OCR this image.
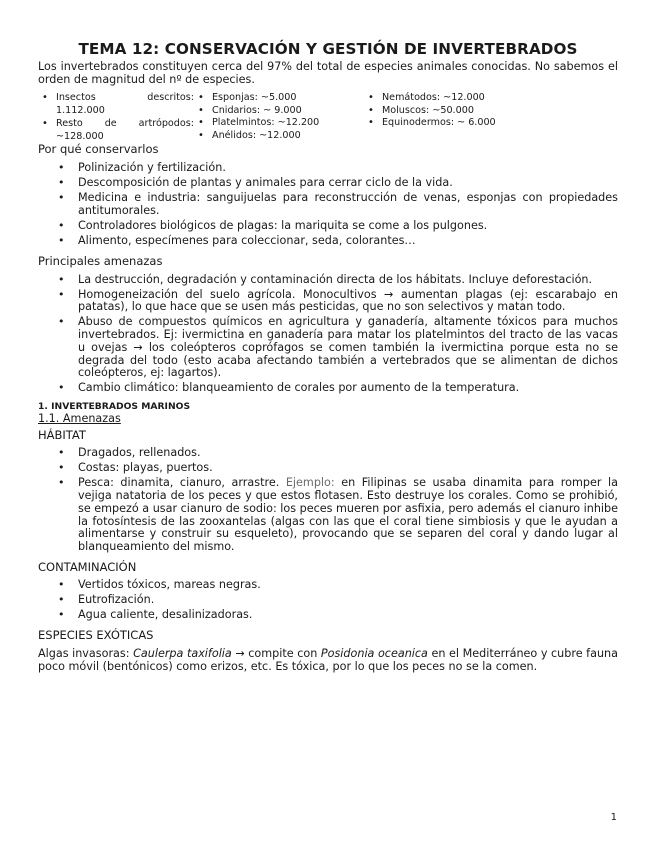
TEMA 12: CONSERVACIÓN Y GESTIÓN DE INVERTEBRADOS

Los invertebrados constituyen cerca del 97% del total de especies animales conocidas. No sabemos el orden de magnitud del nº de especies.

• Insectos descritos: 1.112.000
• Resto de artrópodos: ~128.000
• Esponjas: ~5.000
• Cnidarios: ~ 9.000
• Platelmintos: ~12.200
• Anélidos: ~12.000
• Nemátodos: ~12.000
• Moluscos: ~50.000
• Equinodermos: ~ 6.000
Por qué conservarlos
• Polinización y fertilización.
• Descomposición de plantas y animales para cerrar ciclo de la vida.
• Medicina e industria: sanguijuelas para reconstrucción de venas, esponjas con propiedades antitumorales.
• Controladores biológicos de plagas: la mariquita se come a los pulgones.
• Alimento, especímenes para coleccionar, seda, colorantes…
Principales amenazas
• La destrucción, degradación y contaminación directa de los hábitats. Incluye deforestación.
• Homogeneización del suelo agrícola. Monocultivos → aumentan plagas (ej: escarabajo en patatas), lo que hace que se usen más pesticidas, que no son selectivos y matan todo.
• Abuso de compuestos químicos en agricultura y ganadería, altamente tóxicos para muchos invertebrados. Ej: ivermictina en ganadería para matar los platelmintos del tracto de las vacas u ovejas → los coleópteros coprófagos se comen también la ivermictina porque esta no se degrada del todo (esto acaba afectando también a vertebrados que se alimentan de dichos coleópteros, ej: lagartos).
• Cambio climático: blanqueamiento de corales por aumento de la temperatura.
1. INVERTEBRADOS MARINOS
1.1. Amenazas
HÁBITAT
• Dragados, rellenados.
• Costas: playas, puertos.
• Pesca: dinamita, cianuro, arrastre. Ejemplo: en Filipinas se usaba dinamita para romper la vejiga natatoria de los peces y que estos flotasen. Esto destruye los corales. Como se prohibió, se empezó a usar cianuro de sodio: los peces mueren por asfixia, pero además el cianuro inhibe la fotosíntesis de las zooxantelas (algas con las que el coral tiene simbiosis y que le ayudan a alimentarse y construir su esqueleto), provocando que se separen del coral y dando lugar al blanqueamiento del mismo.
CONTAMINACIÓN
• Vertidos tóxicos, mareas negras.
• Eutrofización.
• Agua caliente, desalinizadoras.
ESPECIES EXÓTICAS

Algas invasoras: Caulerpa taxifolia → compite con Posidonia oceanica en el Mediterráneo y cubre fauna poco móvil (bentónicos) como erizos, etc. Es tóxica, por lo que los peces no se la comen.

1
